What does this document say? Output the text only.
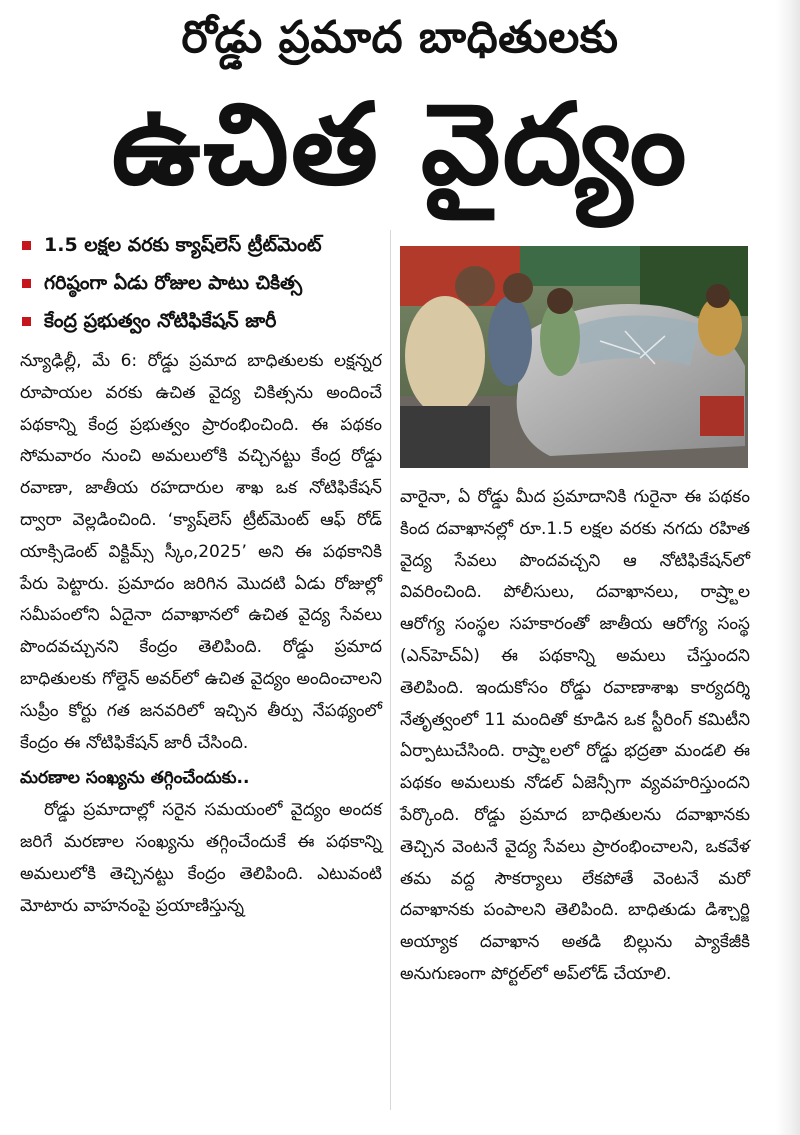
రోడ్డు ప్రమాద బాధితులకు
ఉచిత వైద్యం
1.5 లక్షల వరకు క్యాష్‌లెస్ ట్రీట్‌మెంట్
గరిష్ఠంగా ఏడు రోజుల పాటు చికిత్స
కేంద్ర ప్రభుత్వం నోటిఫికేషన్ జారీ

న్యూఢిల్లీ, మే 6: రోడ్డు ప్రమాద బాధితులకు లక్షన్నర రూపాయల వరకు ఉచిత వైద్య చికిత్సను అందించే పథకాన్ని కేంద్ర ప్రభుత్వం ప్రారంభించింది. ఈ పథకం సోమవారం నుంచి అమలులోకి వచ్చినట్టు కేంద్ర రోడ్డు రవాణా, జాతీయ రహదారుల శాఖ ఒక నోటిఫికేషన్ ద్వారా వెల్లడించింది. ‘క్యాష్‌లెస్ ట్రీట్‌మెంట్ ఆఫ్ రోడ్ యాక్సిడెంట్ విక్టిమ్స్ స్కీం,2025’ అని ఈ పథకానికి పేరు పెట్టారు. ప్రమాదం జరిగిన మొదటి ఏడు రోజుల్లో సమీపంలోని ఏదైనా దవాఖానలో ఉచిత వైద్య సేవలు పొందవచ్చునని కేంద్రం తెలిపింది. రోడ్డు ప్రమాద బాధితులకు గోల్డెన్ అవర్‌లో ఉచిత వైద్యం అందించాలని సుప్రీం కోర్టు గత జనవరిలో ఇచ్చిన తీర్పు నేపథ్యంలో కేంద్రం ఈ నోటిఫికేషన్ జారీ చేసింది.

మరణాల సంఖ్యను తగ్గించేందుకు..

రోడ్డు ప్రమాదాల్లో సరైన సమయంలో వైద్యం అందక జరిగే మరణాల సంఖ్యను తగ్గించేందుకే ఈ పథకాన్ని అమలులోకి తెచ్చినట్టు కేంద్రం తెలిపింది. ఎటువంటి మోటారు వాహనంపై ప్రయాణిస్తున్న

వారైనా, ఏ రోడ్డు మీద ప్రమాదానికి గురైనా ఈ పథకం కింద దవాఖానల్లో రూ.1.5 లక్షల వరకు నగదు రహిత వైద్య సేవలు పొందవచ్చని ఆ నోటిఫికేషన్‌లో వివరించింది. పోలీసులు, దవాఖానలు, రాష్ర్టాల ఆరోగ్య సంస్థల సహకారంతో జాతీయ ఆరోగ్య సంస్థ (ఎన్‌హెచ్‌ఏ) ఈ పథకాన్ని అమలు చేస్తుందని తెలిపింది. ఇందుకోసం రోడ్డు రవాణాశాఖ కార్యదర్శి నేతృత్వంలో 11 మందితో కూడిన ఒక స్టీరింగ్ కమిటీని ఏర్పాటుచేసింది. రాష్ర్టాలలో రోడ్డు భద్రతా మండలి ఈ పథకం అమలుకు నోడల్ ఏజెన్సీగా వ్యవహరిస్తుందని పేర్కొంది. రోడ్డు ప్రమాద బాధితులను దవాఖానకు తెచ్చిన వెంటనే వైద్య సేవలు ప్రారంభించాలని, ఒకవేళ తమ వద్ద సౌకర్యాలు లేకపోతే వెంటనే మరో దవాఖానకు పంపాలని తెలిపింది. బాధితుడు డిశ్చార్జి అయ్యాక దవాఖాన అతడి బిల్లును ప్యాకేజీకి అనుగుణంగా పోర్టల్‌లో అప్‌లోడ్ చేయాలి.
